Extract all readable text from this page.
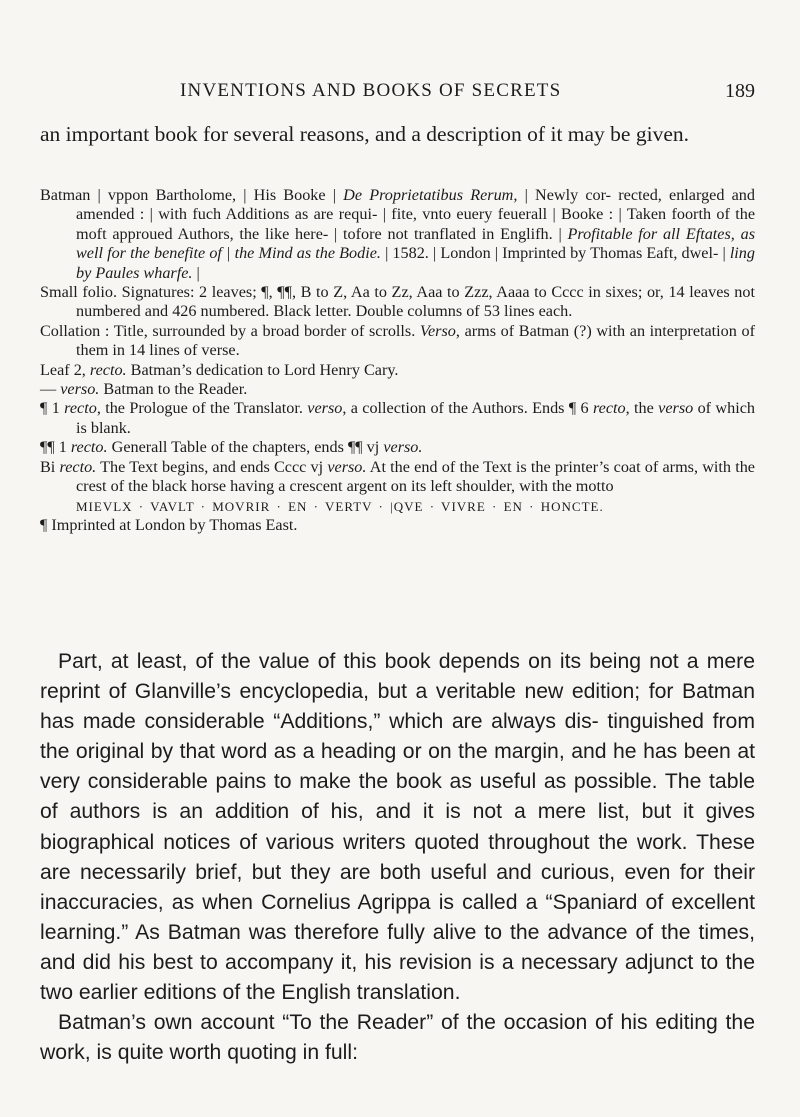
INVENTIONS AND BOOKS OF SECRETS	189

an important book for several reasons, and a description of it may be given.

Batman | vppon Bartholome, | His Booke | De Proprietatibus Rerum, | Newly cor- rected, enlarged and amended : | with fuch Additions as are requi- | fite, vnto euery feuerall | Booke : | Taken foorth of the moft approued Authors, the like here- | tofore not tranflated in Englifh. | Profitable for all Eftates, as well for the benefite of | the Mind as the Bodie. | 1582. | London | Imprinted by Thomas Eaft, dwel- | ling by Paules wharfe. |

Small folio. Signatures: 2 leaves; ¶, ¶¶, B to Z, Aa to Zz, Aaa to Zzz, Aaaa to Cccc in sixes; or, 14 leaves not numbered and 426 numbered. Black letter. Double columns of 53 lines each.

Collation : Title, surrounded by a broad border of scrolls. Verso, arms of Batman (?) with an interpretation of them in 14 lines of verse.

Leaf 2, recto. Batman’s dedication to Lord Henry Cary.

— verso. Batman to the Reader.

¶ 1 recto, the Prologue of the Translator. verso, a collection of the Authors. Ends ¶ 6 recto, the verso of which is blank.

¶¶ 1 recto. Generall Table of the chapters, ends ¶¶ vj verso.

Bi recto. The Text begins, and ends Cccc vj verso. At the end of the Text is the printer’s coat of arms, with the crest of the black horse having a crescent argent on its left shoulder, with the motto
MIEVLX · VAVLT · MOVRIR · EN · VERTV · |QVE · VIVRE · EN · HONCTE.

¶ Imprinted at London by Thomas East.

Part, at least, of the value of this book depends on its being not a mere reprint of Glanville’s encyclopedia, but a veritable new edition; for Batman has made considerable “Additions,” which are always dis- tinguished from the original by that word as a heading or on the margin, and he has been at very considerable pains to make the book as useful as possible. The table of authors is an addition of his, and it is not a mere list, but it gives biographical notices of various writers quoted throughout the work. These are necessarily brief, but they are both useful and curious, even for their inaccuracies, as when Cornelius Agrippa is called a “Spaniard of excellent learning.” As Batman was therefore fully alive to the advance of the times, and did his best to accompany it, his revision is a necessary adjunct to the two earlier editions of the English translation.

Batman’s own account “To the Reader” of the occasion of his editing the work, is quite worth quoting in full:
